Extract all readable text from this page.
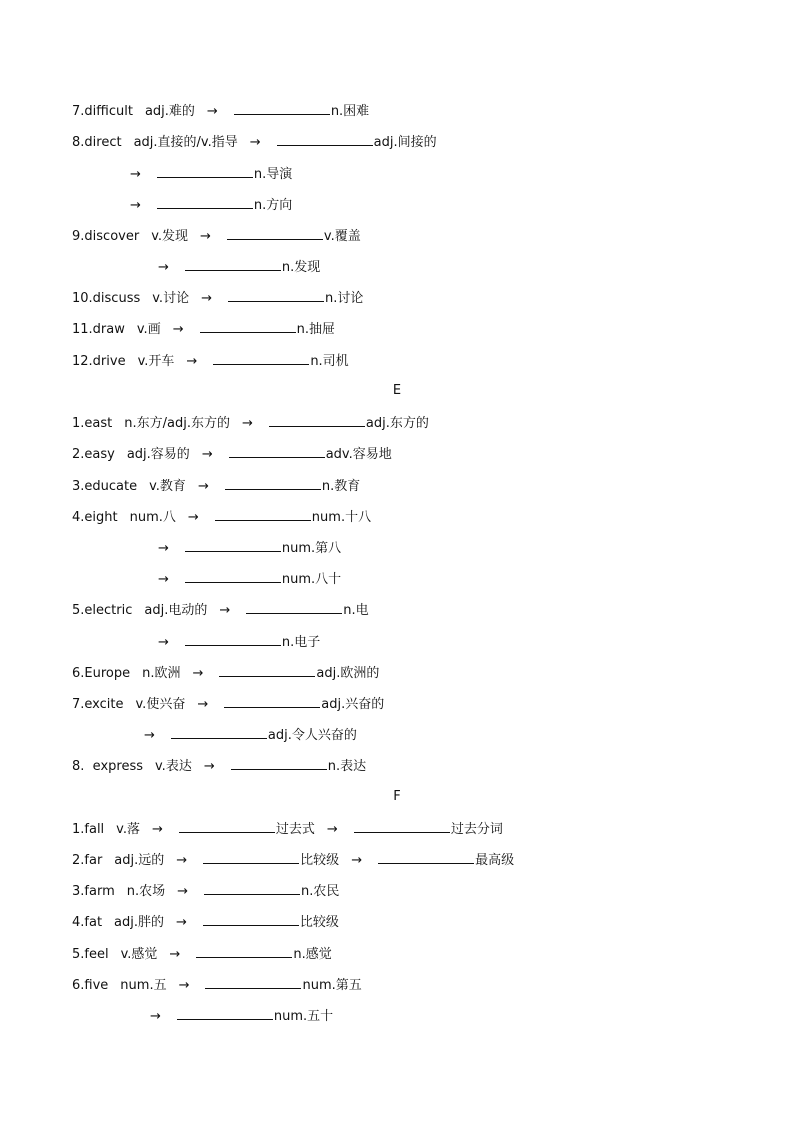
7.difficult adj.难的 →	n.困难
8.direct adj.直接的/v.指导 →	adj.间接的
→	n.导演
→	n.方向
9.discover v.发现 →	v.覆盖
→	n.发现
10.discuss v.讨论 →	n.讨论
11.draw v.画 →	n.抽屉
12.drive v.开车 →	n.司机
E
1.east n.东方/adj.东方的 →	adj.东方的
2.easy adj.容易的 →	adv.容易地
3.educate v.教育 →	n.教育
4.eight num.八 →	num.十八
→	num.第八
→	num.八十
5.electric adj.电动的 →	n.电
→	n.电子
6.Europe n.欧洲 →	adj.欧洲的
7.excite v.使兴奋 →	adj.兴奋的
→	adj.令人兴奋的
8.  express v.表达 →	n.表达
F
1.fall v.落 →	过去式 →	过去分词
2.far adj.远的 →	比较级 →	最高级
3.farm n.农场 →	n.农民
4.fat adj.胖的 →	比较级
5.feel v.感觉 →	n.感觉
6.five num.五 →	num.第五
→	num.五十
